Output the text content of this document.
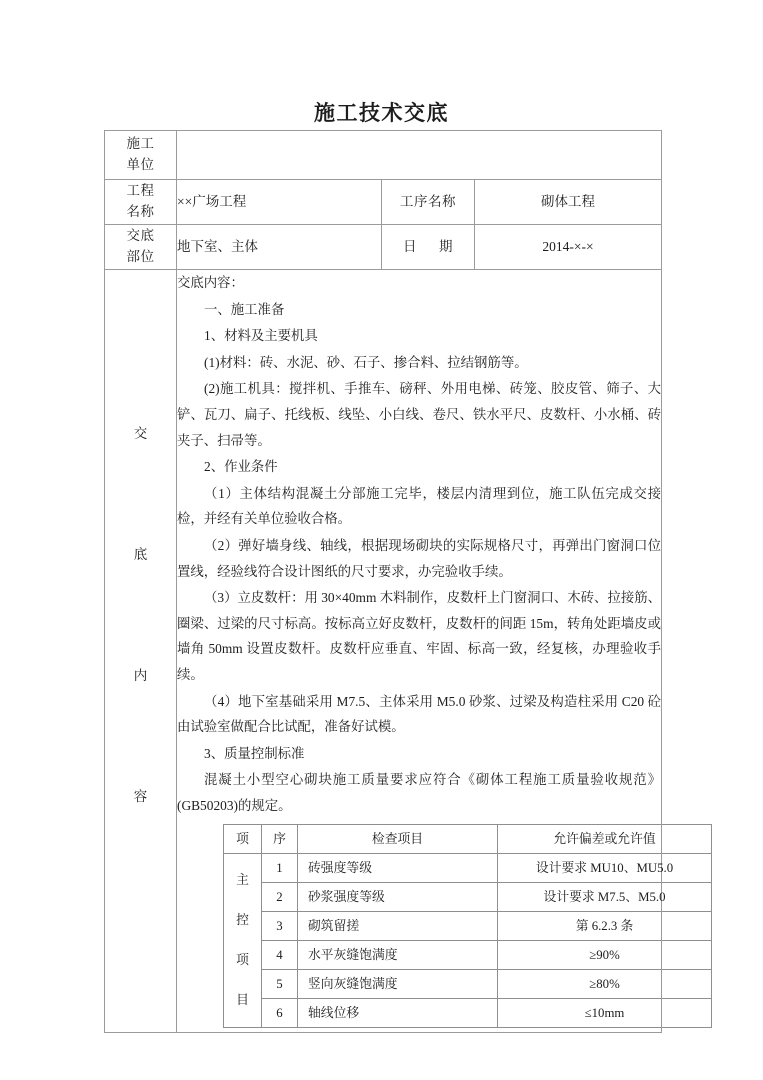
施工技术交底
施工
单位

工程
名称
	××广场工程	工序名称	砌体工程

交底
部位
	地下室、主体	日 期	2014-×-×

交
底
内
容

交底内容：

一、施工准备

1、材料及主要机具

(1)材料：砖、水泥、砂、石子、掺合料、拉结钢筋等。

(2)施工机具：搅拌机、手推车、磅秤、外用电梯、砖笼、胶皮管、筛子、大铲、瓦刀、扁子、托线板、线坠、小白线、卷尺、铁水平尺、皮数杆、小水桶、砖夹子、扫帚等。

2、作业条件

（1）主体结构混凝土分部施工完毕，楼层内清理到位，施工队伍完成交接检，并经有关单位验收合格。

（2）弹好墙身线、轴线，根据现场砌块的实际规格尺寸，再弹出门窗洞口位置线，经验线符合设计图纸的尺寸要求，办完验收手续。

（3）立皮数杆：用 30×40mm 木料制作，皮数杆上门窗洞口、木砖、拉接筋、圈梁、过梁的尺寸标高。按标高立好皮数杆，皮数杆的间距 15m，转角处距墙皮或墙角 50mm 设置皮数杆。皮数杆应垂直、牢固、标高一致，经复核，办理验收手续。

（4）地下室基础采用 M7.5、主体采用 M5.0 砂浆、过梁及构造柱采用 C20 砼由试验室做配合比试配，准备好试模。

3、质量控制标准

混凝土小型空心砌块施工质量要求应符合《砌体工程施工质量验收规范》(GB50203)的规定。

项	序	检查项目	允许偏差或允许值

主
控
项
目
	1	砖强度等级	设计要求 MU10、MU5.0
2	砂浆强度等级	设计要求 M7.5、M5.0
3	砌筑留搓	第 6.2.3 条
4	水平灰缝饱满度	≥90%
5	竖向灰缝饱满度	≥80%
6	轴线位移	≤10mm
